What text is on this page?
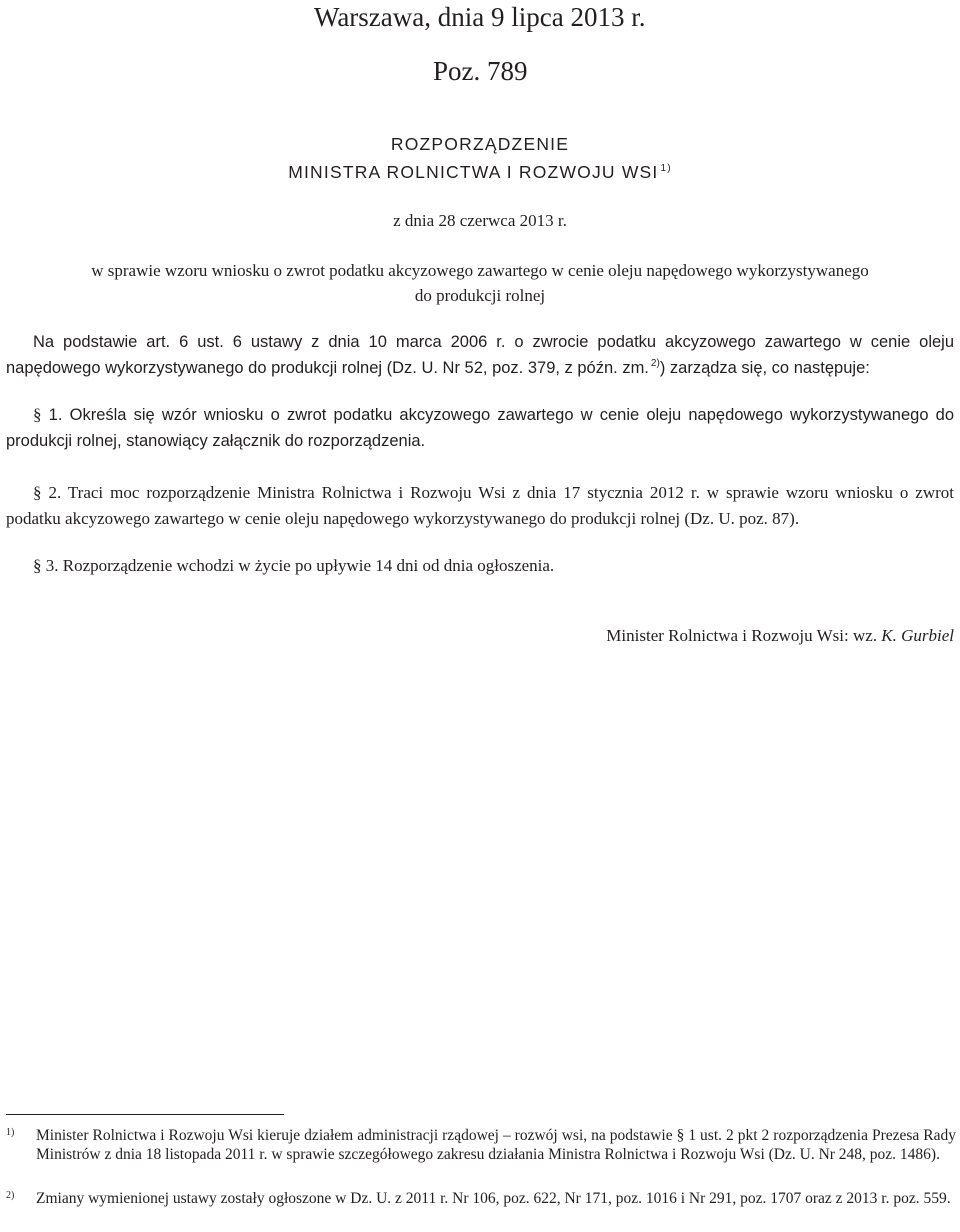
Warszawa, dnia 9 lipca 2013 r.
Poz. 789
ROZPORZĄDZENIE
MINISTRA ROLNICTWA I ROZWOJU WSI $^{1)}$
z dnia 28 czerwca 2013 r.
w sprawie wzoru wniosku o zwrot podatku akcyzowego zawartego w cenie oleju napędowego wykorzystywanego
do produkcji rolnej
Na podstawie art. 6 ust. 6 ustawy z dnia 10 marca 2006 r. o zwrocie podatku akcyzowego zawartego w cenie oleju napędowego wykorzystywanego do produkcji rolnej (Dz. U. Nr 52, poz. 379, z późn. zm. $^{2)}$) zarządza się, co następuje:
§ 1. Określa się wzór wniosku o zwrot podatku akcyzowego zawartego w cenie oleju napędowego wykorzystywanego do produkcji rolnej, stanowiący załącznik do rozporządzenia.
§ 2. Traci moc rozporządzenie Ministra Rolnictwa i Rozwoju Wsi z dnia 17 stycznia 2012 r. w sprawie wzoru wniosku o zwrot podatku akcyzowego zawartego w cenie oleju napędowego wykorzystywanego do produkcji rolnej (Dz. U. poz. 87).
§ 3. Rozporządzenie wchodzi w życie po upływie 14 dni od dnia ogłoszenia.
Minister Rolnictwa i Rozwoju Wsi: wz. K. Gurbiel
1) Minister Rolnictwa i Rozwoju Wsi kieruje działem administracji rządowej – rozwój wsi, na podstawie § 1 ust. 2 pkt 2 rozporządzenia Prezesa Rady Ministrów z dnia 18 listopada 2011 r. w sprawie szczegółowego zakresu działania Ministra Rolnictwa i Rozwoju Wsi (Dz. U. Nr 248, poz. 1486).
2) Zmiany wymienionej ustawy zostały ogłoszone w Dz. U. z 2011 r. Nr 106, poz. 622, Nr 171, poz. 1016 i Nr 291, poz. 1707 oraz z 2013 r. poz. 559.
